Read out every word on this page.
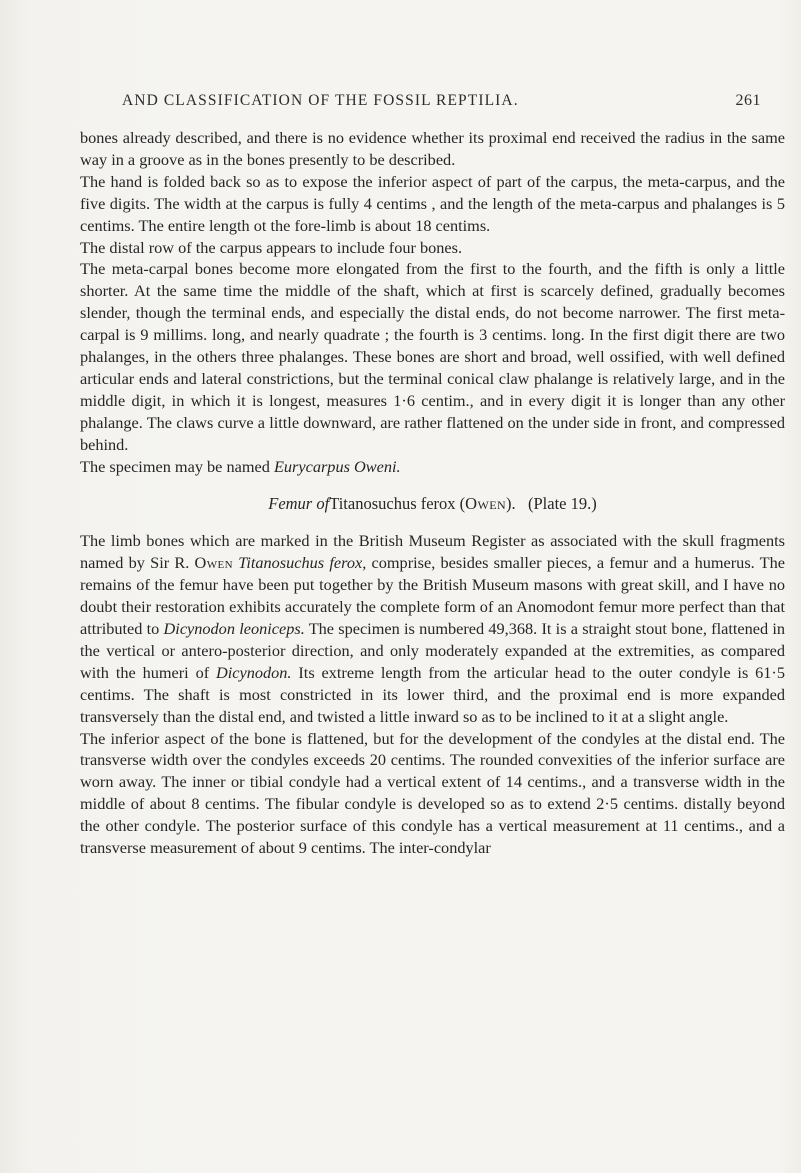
AND CLASSIFICATION OF THE FOSSIL REPTILIA.	261

bones already described, and there is no evidence whether its proximal end received the radius in the same way in a groove as in the bones presently to be described.

The hand is folded back so as to expose the inferior aspect of part of the carpus, the meta-carpus, and the five digits. The width at the carpus is fully 4 centims , and the length of the meta-carpus and phalanges is 5 centims. The entire length ot the fore-limb is about 18 centims.

The distal row of the carpus appears to include four bones.

The meta-carpal bones become more elongated from the first to the fourth, and the fifth is only a little shorter. At the same time the middle of the shaft, which at first is scarcely defined, gradually becomes slender, though the terminal ends, and especially the distal ends, do not become narrower. The first meta-carpal is 9 millims. long, and nearly quadrate ; the fourth is 3 centims. long. In the first digit there are two phalanges, in the others three phalanges. These bones are short and broad, well ossified, with well defined articular ends and lateral constrictions, but the terminal conical claw phalange is relatively large, and in the middle digit, in which it is longest, measures 1·6 centim., and in every digit it is longer than any other phalange. The claws curve a little downward, are rather flattened on the under side in front, and compressed behind.

The specimen may be named Eurycarpus Oweni.

Femur ofTitanosuchus ferox (Owen). (Plate 19.)

The limb bones which are marked in the British Museum Register as associated with the skull fragments named by Sir R. Owen Titanosuchus ferox, comprise, besides smaller pieces, a femur and a humerus. The remains of the femur have been put together by the British Museum masons with great skill, and I have no doubt their restoration exhibits accurately the complete form of an Anomodont femur more perfect than that attributed to Dicynodon leoniceps. The specimen is numbered 49,368. It is a straight stout bone, flattened in the vertical or antero-posterior direction, and only moderately expanded at the extremities, as compared with the humeri of Dicynodon. Its extreme length from the articular head to the outer condyle is 61·5 centims. The shaft is most constricted in its lower third, and the proximal end is more expanded transversely than the distal end, and twisted a little inward so as to be inclined to it at a slight angle.

The inferior aspect of the bone is flattened, but for the development of the condyles at the distal end. The transverse width over the condyles exceeds 20 centims. The rounded convexities of the inferior surface are worn away. The inner or tibial condyle had a vertical extent of 14 centims., and a transverse width in the middle of about 8 centims. The fibular condyle is developed so as to extend 2·5 centims. distally beyond the other condyle. The posterior surface of this condyle has a vertical measurement at 11 centims., and a transverse measurement of about 9 centims. The inter-condylar
